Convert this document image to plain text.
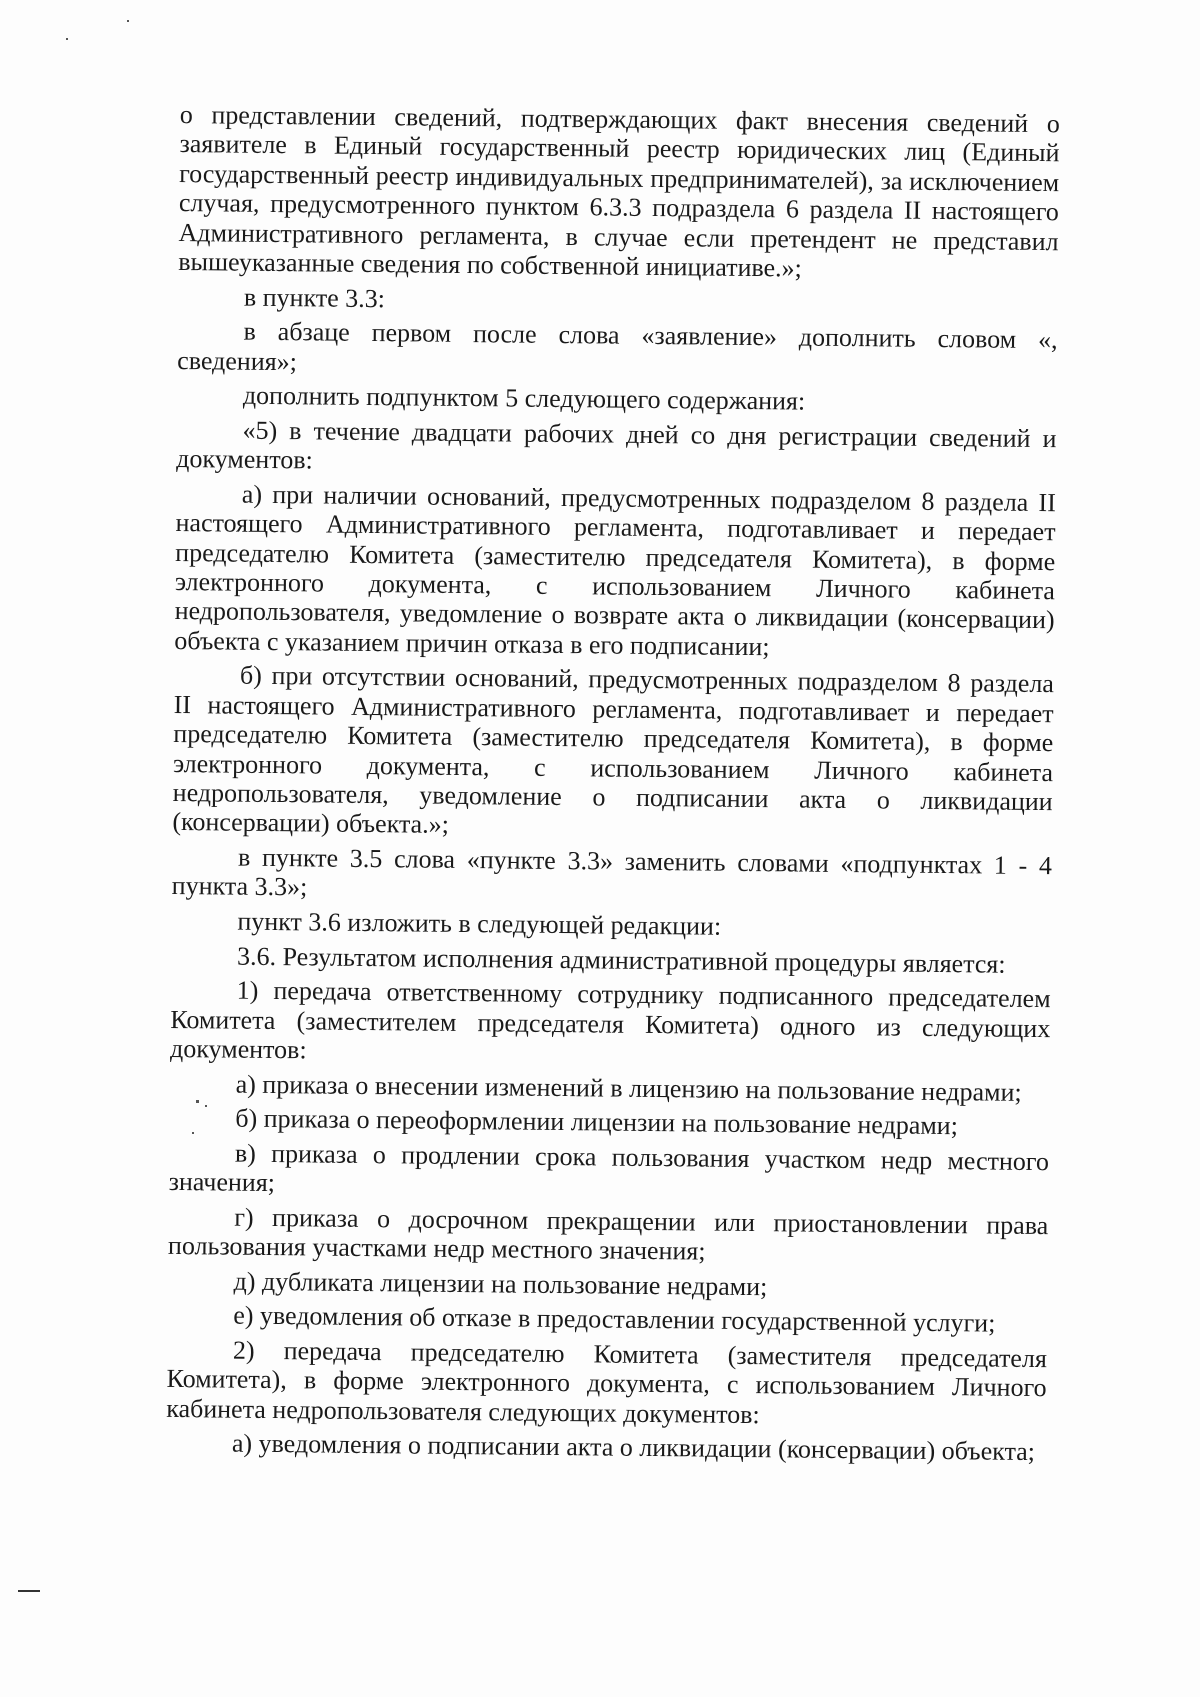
о представлении сведений, подтверждающих факт внесения сведений о заявителе в Единый государственный реестр юридических лиц (Единый государственный реестр индивидуальных предпринимателей), за исключением случая, предусмотренного пунктом 6.3.3 подраздела 6 раздела II настоящего Административного регламента, в случае если претендент не представил вышеуказанные сведения по собственной инициативе.»;

в пункте 3.3:

в абзаце первом после слова «заявление» дополнить словом «, сведения»;

дополнить подпунктом 5 следующего содержания:

«5) в течение двадцати рабочих дней со дня регистрации сведений и документов:

а) при наличии оснований, предусмотренных подразделом 8 раздела II настоящего Административного регламента, подготавливает и передает председателю Комитета (заместителю председателя Комитета), в форме электронного документа, с использованием Личного кабинета недропользователя, уведомление о возврате акта о ликвидации (консервации) объекта с указанием причин отказа в его подписании;

б) при отсутствии оснований, предусмотренных подразделом 8 раздела II настоящего Административного регламента, подготавливает и передает председателю Комитета (заместителю председателя Комитета), в форме электронного документа, с использованием Личного кабинета недропользователя, уведомление о подписании акта о ликвидации (консервации) объекта.»;

в пункте 3.5 слова «пункте 3.3» заменить словами «подпунктах 1 - 4 пункта 3.3»;

пункт 3.6 изложить в следующей редакции:

3.6. Результатом исполнения административной процедуры является:

1) передача ответственному сотруднику подписанного председателем Комитета (заместителем председателя Комитета) одного из следующих документов:

а) приказа о внесении изменений в лицензию на пользование недрами;

б) приказа о переоформлении лицензии на пользование недрами;

в) приказа о продлении срока пользования участком недр местного значения;

г) приказа о досрочном прекращении или приостановлении права пользования участками недр местного значения;

д) дубликата лицензии на пользование недрами;

е) уведомления об отказе в предоставлении государственной услуги;

2) передача председателю Комитета (заместителя председателя Комитета), в форме электронного документа, с использованием Личного кабинета недропользователя следующих документов:

а) уведомления о подписании акта о ликвидации (консервации) объекта;
